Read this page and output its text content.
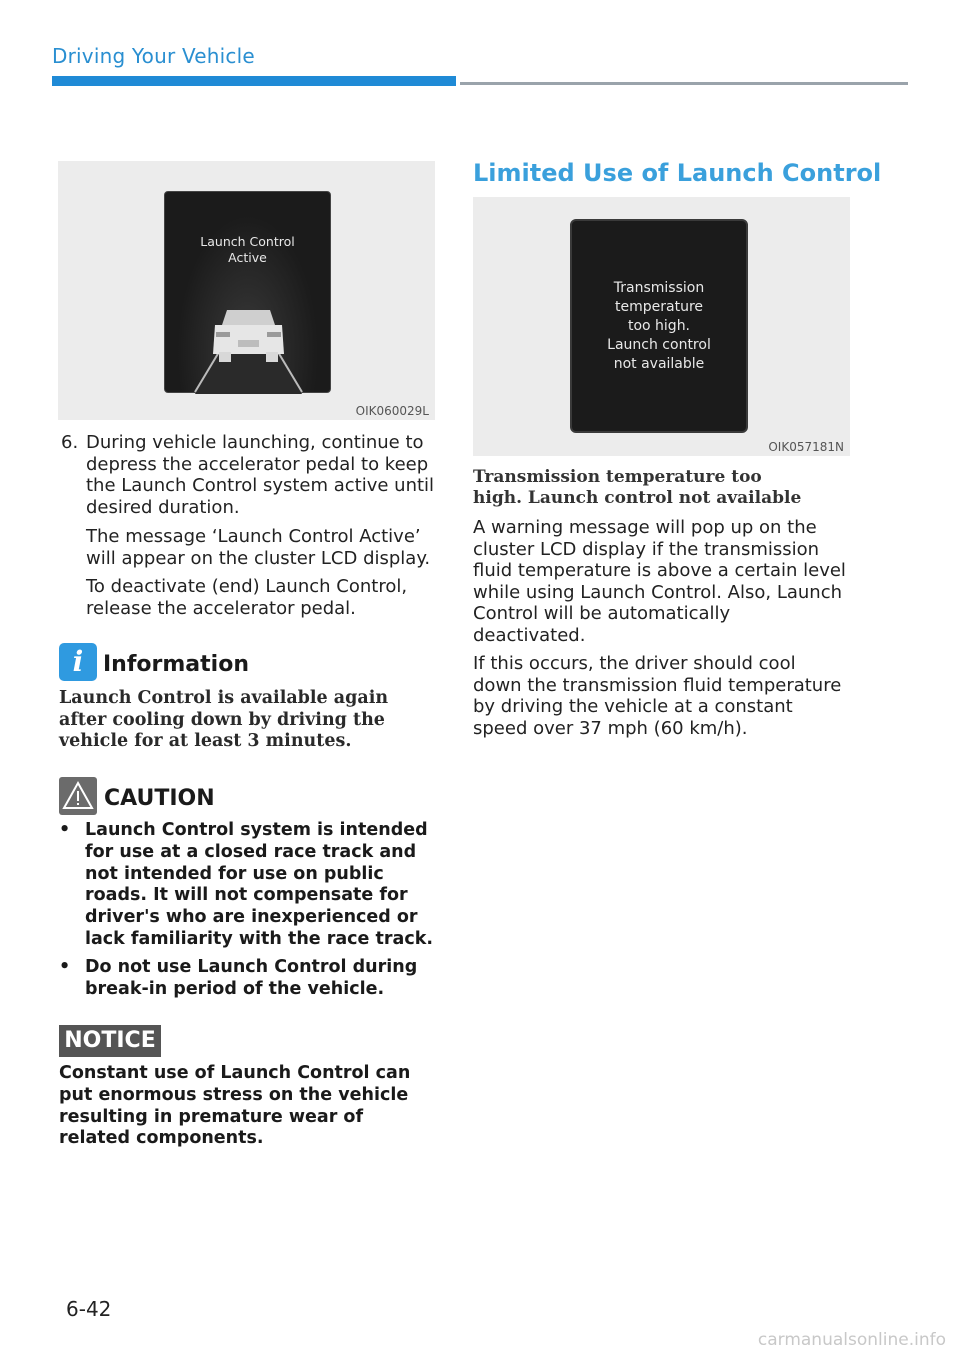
Driving Your Vehicle
Launch Control
Active
OIK060029L
6. During vehicle launching, continue to depress the accelerator pedal to keep the Launch Control system active until desired duration.
The message ‘Launch Control Active’ will appear on the cluster LCD display.
To deactivate (end) Launch Control, release the accelerator pedal.
i Information
Launch Control is available again after cooling down by driving the vehicle for at least 3 minutes.
CAUTION
• Launch Control system is intended for use at a closed race track and not intended for use on public roads. It will not compensate for driver's who are inexperienced or lack familiarity with the race track.
• Do not use Launch Control during break-in period of the vehicle.
NOTICE
Constant use of Launch Control can put enormous stress on the vehicle resulting in premature wear of related components.
Limited Use of Launch Control
Transmission
temperature
too high.
Launch control
not available
OIK057181N
Transmission temperature too high. Launch control not available
A warning message will pop up on the cluster LCD display if the transmission fluid temperature is above a certain level while using Launch Control. Also, Launch Control will be automatically deactivated.
If this occurs, the driver should cool down the transmission fluid temperature by driving the vehicle at a constant speed over 37 mph (60 km/h).
6-42
carmanualsonline.info
